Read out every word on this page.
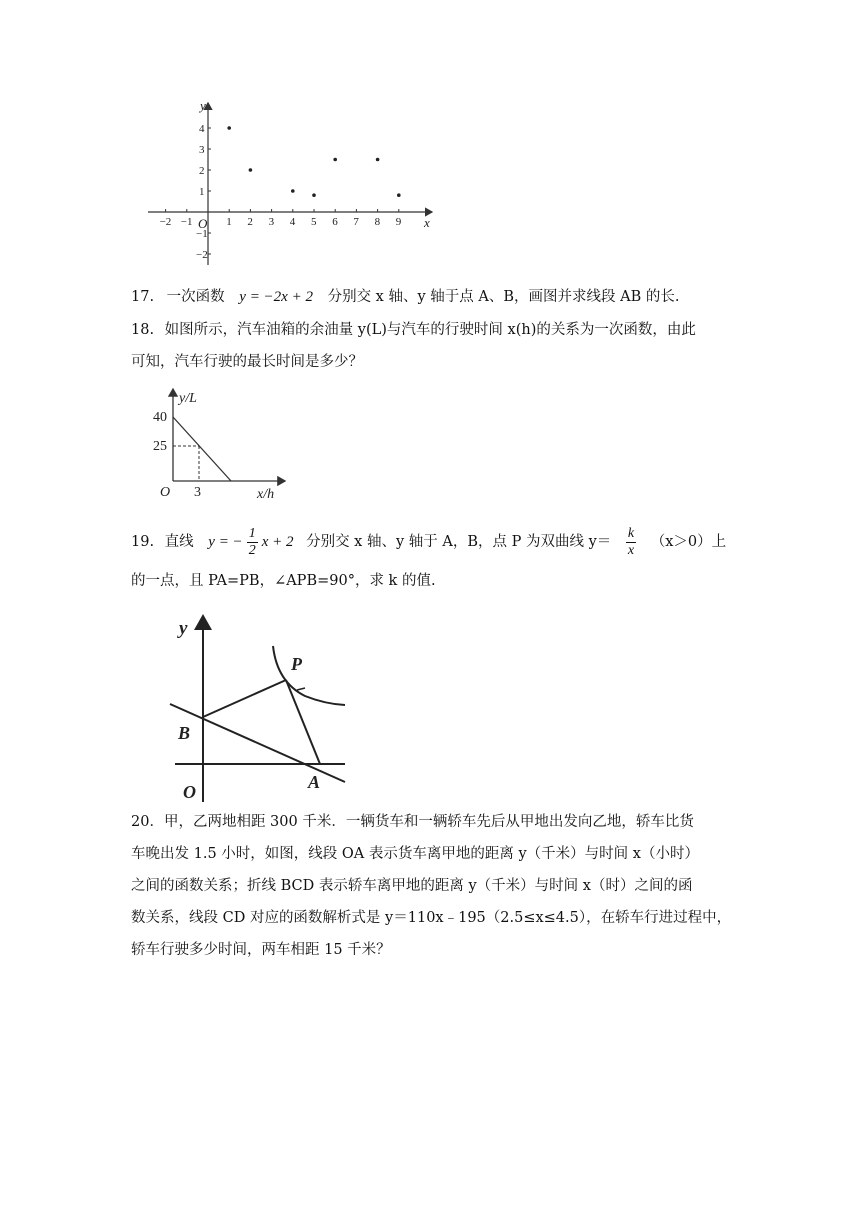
−2 −1	1 2 3 4 5 6 7 8 9
4
3
2
1
−1
−2
O	x
y
17. 一次函数 y = −2x + 2 分别交 x 轴、y 轴于点 A、B，画图并求线段 AB 的长.
18. 如图所示，汽车油箱的余油量 y(L)与汽车的行驶时间 x(h)的关系为一次函数，由此
可知，汽车行驶的最长时间是多少？
y/L
x/h
O
40
25
3
19. 直线 y = − $\frac{1}{2}$ x + 2 分别交 x 轴、y 轴于 A，B，点 P 为双曲线 $y= \frac{k}{x} (x>0)$上
的一点，且 PA=PB，∠APB=90°，求 k 的值.
y
P
B
A
O
20．甲，乙两地相距 300 千米．一辆货车和一辆轿车先后从甲地出发向乙地，轿车比货
车晚出发 1.5 小时，如图，线段 OA 表示货车离甲地的距离 y（千米）与时间 x（小时）
之间的函数关系；折线 BCD 表示轿车离甲地的距离 y（千米）与时间 x（时）之间的函
数关系，线段 CD 对应的函数解析式是 y＝110x﹣195（2.5≤x≤4.5），在轿车行进过程中，
轿车行驶多少时间，两车相距 15 千米？
